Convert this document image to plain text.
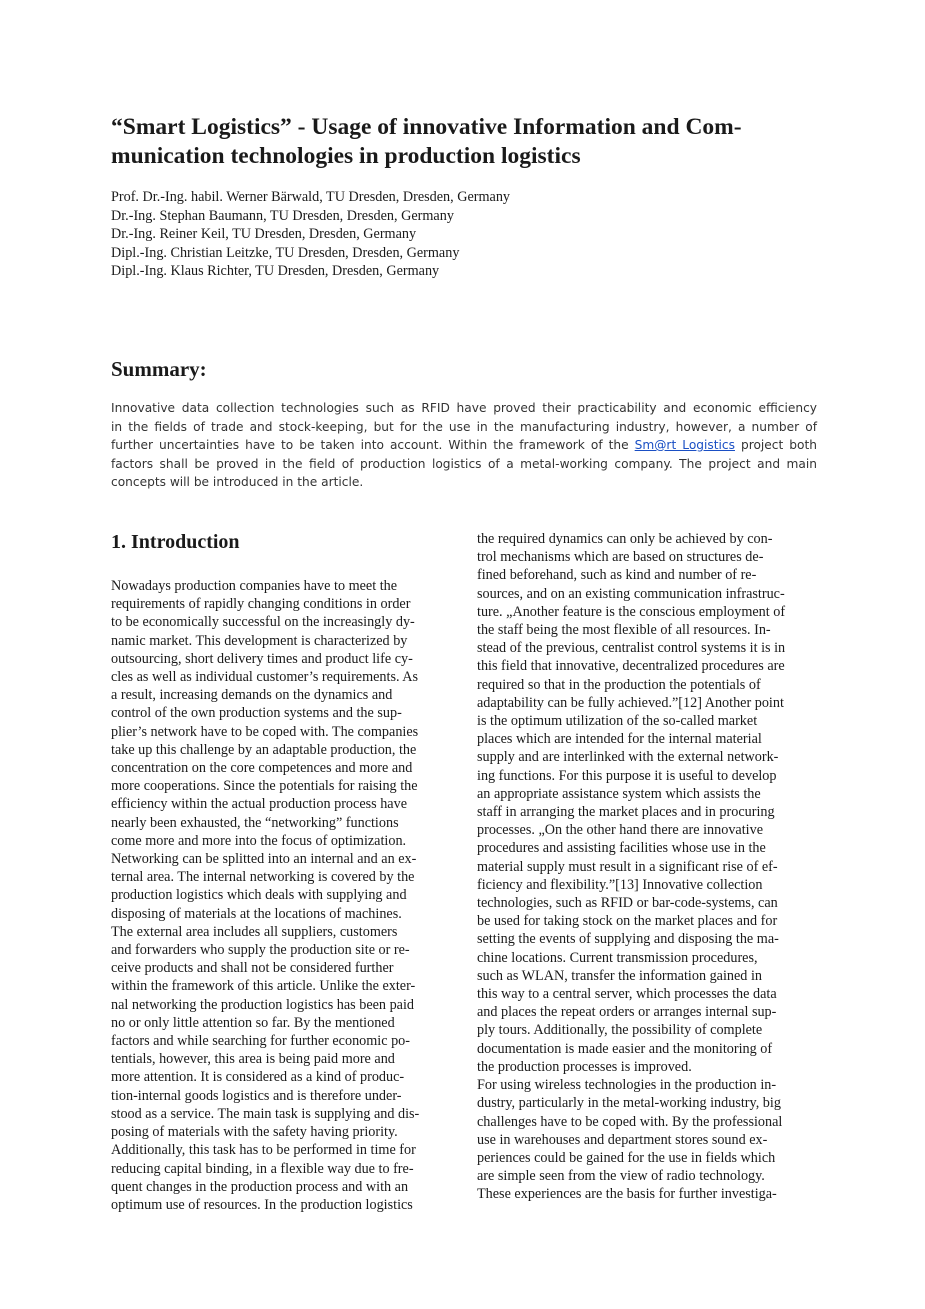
“Smart Logistics” - Usage of innovative Information and Com-
munication technologies in production logistics
Prof. Dr.-Ing. habil. Werner Bärwald, TU Dresden, Dresden, Germany
Dr.-Ing. Stephan Baumann, TU Dresden, Dresden, Germany
Dr.-Ing. Reiner Keil, TU Dresden, Dresden, Germany
Dipl.-Ing. Christian Leitzke, TU Dresden, Dresden, Germany
Dipl.-Ing. Klaus Richter, TU Dresden, Dresden, Germany
Summary:
Innovative data collection technologies such as RFID have proved their practicability and economic efficiency
in the fields of trade and stock-keeping, but for the use in the manufacturing industry, however, a number of
further uncertainties have to be taken into account. Within the framework of the Sm@rt Logistics project both
factors shall be proved in the field of production logistics of a metal-working company. The project and main
concepts will be introduced in the article.
1. Introduction
Nowadays production companies have to meet the
requirements of rapidly changing conditions in order
to be economically successful on the increasingly dy-
namic market. This development is characterized by
outsourcing, short delivery times and product life cy-
cles as well as individual customer’s requirements. As
a result, increasing demands on the dynamics and
control of the own production systems and the sup-
plier’s network have to be coped with. The companies
take up this challenge by an adaptable production, the
concentration on the core competences and more and
more cooperations. Since the potentials for raising the
efficiency within the actual production process have
nearly been exhausted, the “networking” functions
come more and more into the focus of optimization.
Networking can be splitted into an internal and an ex-
ternal area. The internal networking is covered by the
production logistics which deals with supplying and
disposing of materials at the locations of machines.
The external area includes all suppliers, customers
and forwarders who supply the production site or re-
ceive products and shall not be considered further
within the framework of this article. Unlike the exter-
nal networking the production logistics has been paid
no or only little attention so far. By the mentioned
factors and while searching for further economic po-
tentials, however, this area is being paid more and
more attention. It is considered as a kind of produc-
tion-internal goods logistics and is therefore under-
stood as a service. The main task is supplying and dis-
posing of materials with the safety having priority.
Additionally, this task has to be performed in time for
reducing capital binding, in a flexible way due to fre-
quent changes in the production process and with an
optimum use of resources. In the production logistics
the required dynamics can only be achieved by con-
trol mechanisms which are based on structures de-
fined beforehand, such as kind and number of re-
sources, and on an existing communication infrastruc-
ture. „Another feature is the conscious employment of
the staff being the most flexible of all resources. In-
stead of the previous, centralist control systems it is in
this field that innovative, decentralized procedures are
required so that in the production the potentials of
adaptability can be fully achieved.”[12] Another point
is the optimum utilization of the so-called market
places which are intended for the internal material
supply and are interlinked with the external network-
ing functions. For this purpose it is useful to develop
an appropriate assistance system which assists the
staff in arranging the market places and in procuring
processes. „On the other hand there are innovative
procedures and assisting facilities whose use in the
material supply must result in a significant rise of ef-
ficiency and flexibility.”[13] Innovative collection
technologies, such as RFID or bar-code-systems, can
be used for taking stock on the market places and for
setting the events of supplying and disposing the ma-
chine locations. Current transmission procedures,
such as WLAN, transfer the information gained in
this way to a central server, which processes the data
and places the repeat orders or arranges internal sup-
ply tours. Additionally, the possibility of complete
documentation is made easier and the monitoring of
the production processes is improved.
For using wireless technologies in the production in-
dustry, particularly in the metal-working industry, big
challenges have to be coped with. By the professional
use in warehouses and department stores sound ex-
periences could be gained for the use in fields which
are simple seen from the view of radio technology.
These experiences are the basis for further investiga-
